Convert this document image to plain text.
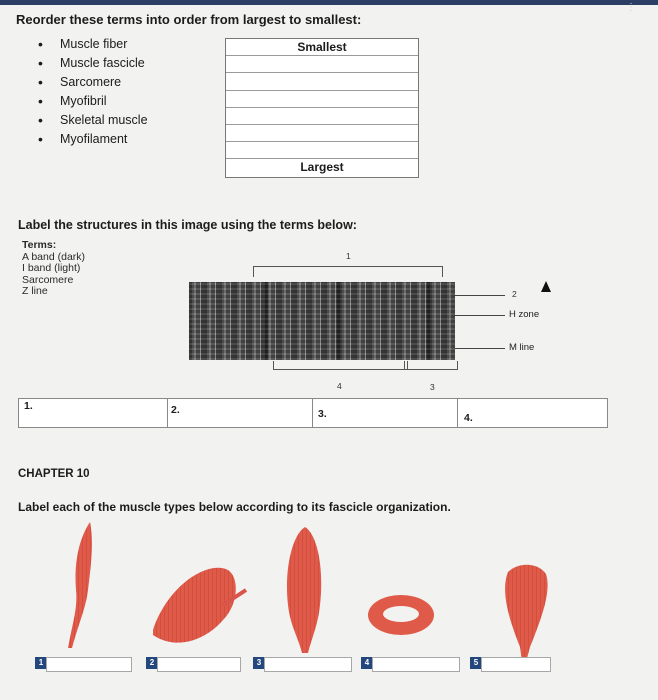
⋮
Reorder these terms into order from largest to smallest:
• Muscle fiber
• Muscle fascicle
• Sarcomere
• Myofibril
• Skeletal muscle
• Myofilament
Smallest
Largest
Label the structures in this image using the terms below:
Terms:
A band (dark)
I band (light)
Sarcomere
Z line
1
4	3
2
H zone
M line
1.	2.	3.	4.
CHAPTER 10
Label each of the muscle types below according to its fascicle organization.
1	2	3	4	5
